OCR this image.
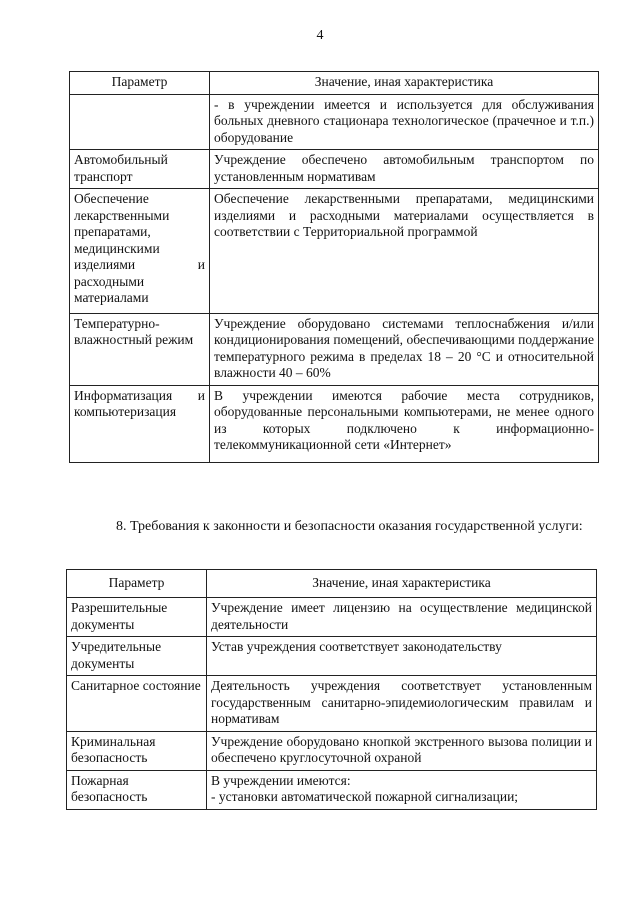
4
Параметр	Значение, иная характеристика
	- в учреждении имеется и используется для обслуживания больных дневного стационара технологическое (прачечное и т.п.) оборудование
Автомобильный транспорт	Учреждение обеспечено автомобильным транспортом по установленным нормативам
Обеспечение лекарственными препаратами, медицинскими изделиями и расходными материалами	Обеспечение лекарственными препаратами, медицинскими изделиями и расходными материалами осуществляется в соответствии с Территориальной программой
Температурно-влажностный режим	Учреждение оборудовано системами теплоснабжения и/или кондиционирования помещений, обеспечивающими поддержание температурного режима в пределах 18 – 20 °С и относительной влажности 40 – 60%
Информатизация и компьютеризация	В учреждении имеются рабочие места сотрудников, оборудованные персональными компьютерами, не менее одного из которых подключено к информационно-телекоммуникационной сети «Интернет»
8. Требования к законности и безопасности оказания государственной услуги:
Параметр	Значение, иная характеристика
Разрешительные документы	Учреждение имеет лицензию на осуществление медицинской деятельности
Учредительные документы	Устав учреждения соответствует законодательству
Санитарное состояние	Деятельность учреждения соответствует установленным государственным санитарно-эпидемиологическим правилам и нормативам
Криминальная безопасность	Учреждение оборудовано кнопкой экстренного вызова полиции и обеспечено круглосуточной охраной
Пожарная безопасность	В учреждении имеются:
- установки автоматической пожарной сигнализации;
